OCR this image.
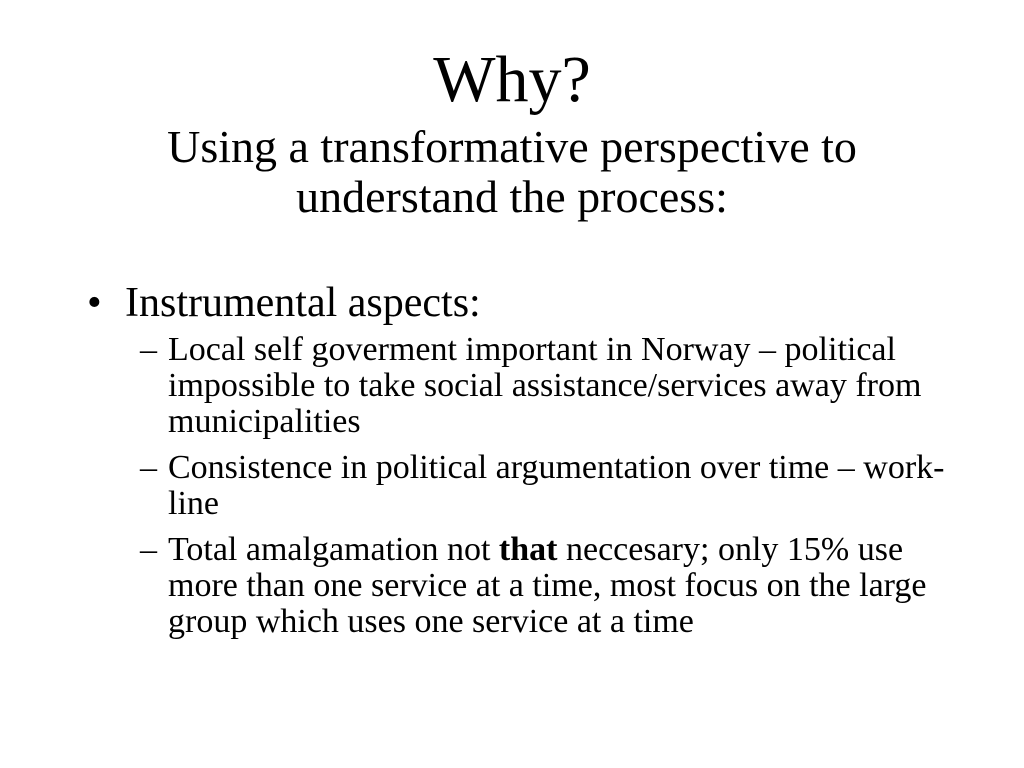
Why?
Using a transformative perspective to
understand the process:
• Instrumental aspects:
– Local self goverment important in Norway – political impossible to take social assistance/services away from municipalities
– Consistence in political argumentation over time – work-line
– Total amalgamation not that neccesary; only 15% use more than one service at a time, most focus on the large group which uses one service at a time
